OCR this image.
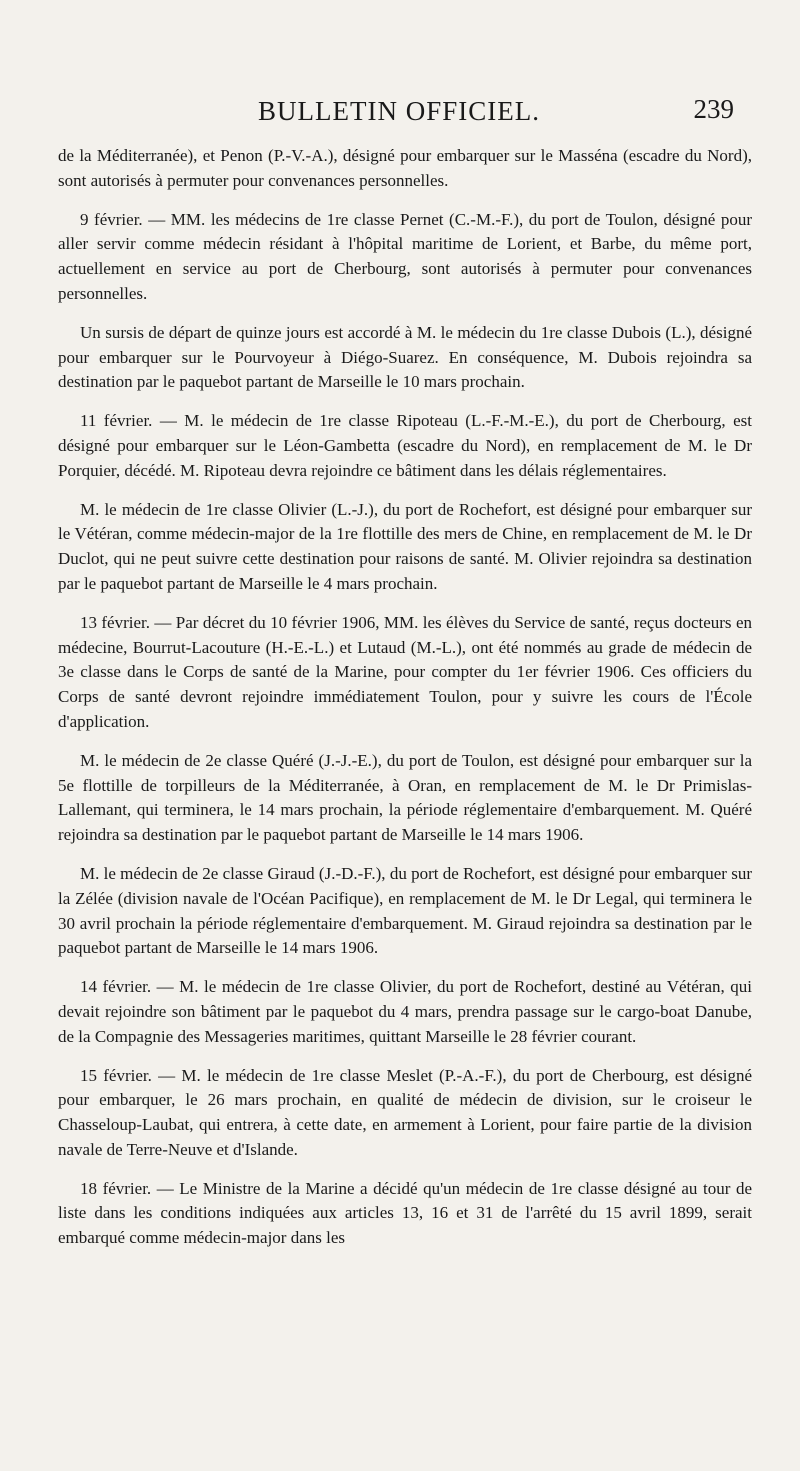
BULLETIN OFFICIEL.	239

de la Méditerranée), et Penon (P.-V.-A.), désigné pour embarquer sur le Masséna (escadre du Nord), sont autorisés à permuter pour convenances personnelles.

9 février. — MM. les médecins de 1re classe Pernet (C.-M.-F.), du port de Toulon, désigné pour aller servir comme médecin résidant à l'hôpital maritime de Lorient, et Barbe, du même port, actuellement en service au port de Cherbourg, sont autorisés à permuter pour convenances personnelles.

Un sursis de départ de quinze jours est accordé à M. le médecin du 1re classe Dubois (L.), désigné pour embarquer sur le Pourvoyeur à Diégo-Suarez. En conséquence, M. Dubois rejoindra sa destination par le paquebot partant de Marseille le 10 mars prochain.

11 février. — M. le médecin de 1re classe Ripoteau (L.-F.-M.-E.), du port de Cherbourg, est désigné pour embarquer sur le Léon-Gambetta (escadre du Nord), en remplacement de M. le Dr Porquier, décédé. M. Ripoteau devra rejoindre ce bâtiment dans les délais réglementaires.

M. le médecin de 1re classe Olivier (L.-J.), du port de Rochefort, est désigné pour embarquer sur le Vétéran, comme médecin-major de la 1re flottille des mers de Chine, en remplacement de M. le Dr Duclot, qui ne peut suivre cette destination pour raisons de santé. M. Olivier rejoindra sa destination par le paquebot partant de Marseille le 4 mars prochain.

13 février. — Par décret du 10 février 1906, MM. les élèves du Service de santé, reçus docteurs en médecine, Bourrut-Lacouture (H.-E.-L.) et Lutaud (M.-L.), ont été nommés au grade de médecin de 3e classe dans le Corps de santé de la Marine, pour compter du 1er février 1906. Ces officiers du Corps de santé devront rejoindre immédiatement Toulon, pour y suivre les cours de l'École d'application.

M. le médecin de 2e classe Quéré (J.-J.-E.), du port de Toulon, est désigné pour embarquer sur la 5e flottille de torpilleurs de la Méditerranée, à Oran, en remplacement de M. le Dr Primislas-Lallemant, qui terminera, le 14 mars prochain, la période réglementaire d'embarquement. M. Quéré rejoindra sa destination par le paquebot partant de Marseille le 14 mars 1906.

M. le médecin de 2e classe Giraud (J.-D.-F.), du port de Rochefort, est désigné pour embarquer sur la Zélée (division navale de l'Océan Pacifique), en remplacement de M. le Dr Legal, qui terminera le 30 avril prochain la période réglementaire d'embarquement. M. Giraud rejoindra sa destination par le paquebot partant de Marseille le 14 mars 1906.

14 février. — M. le médecin de 1re classe Olivier, du port de Rochefort, destiné au Vétéran, qui devait rejoindre son bâtiment par le paquebot du 4 mars, prendra passage sur le cargo-boat Danube, de la Compagnie des Messageries maritimes, quittant Marseille le 28 février courant.

15 février. — M. le médecin de 1re classe Meslet (P.-A.-F.), du port de Cherbourg, est désigné pour embarquer, le 26 mars prochain, en qualité de médecin de division, sur le croiseur le Chasseloup-Laubat, qui entrera, à cette date, en armement à Lorient, pour faire partie de la division navale de Terre-Neuve et d'Islande.

18 février. — Le Ministre de la Marine a décidé qu'un médecin de 1re classe désigné au tour de liste dans les conditions indiquées aux articles 13, 16 et 31 de l'arrêté du 15 avril 1899, serait embarqué comme médecin-major dans les
